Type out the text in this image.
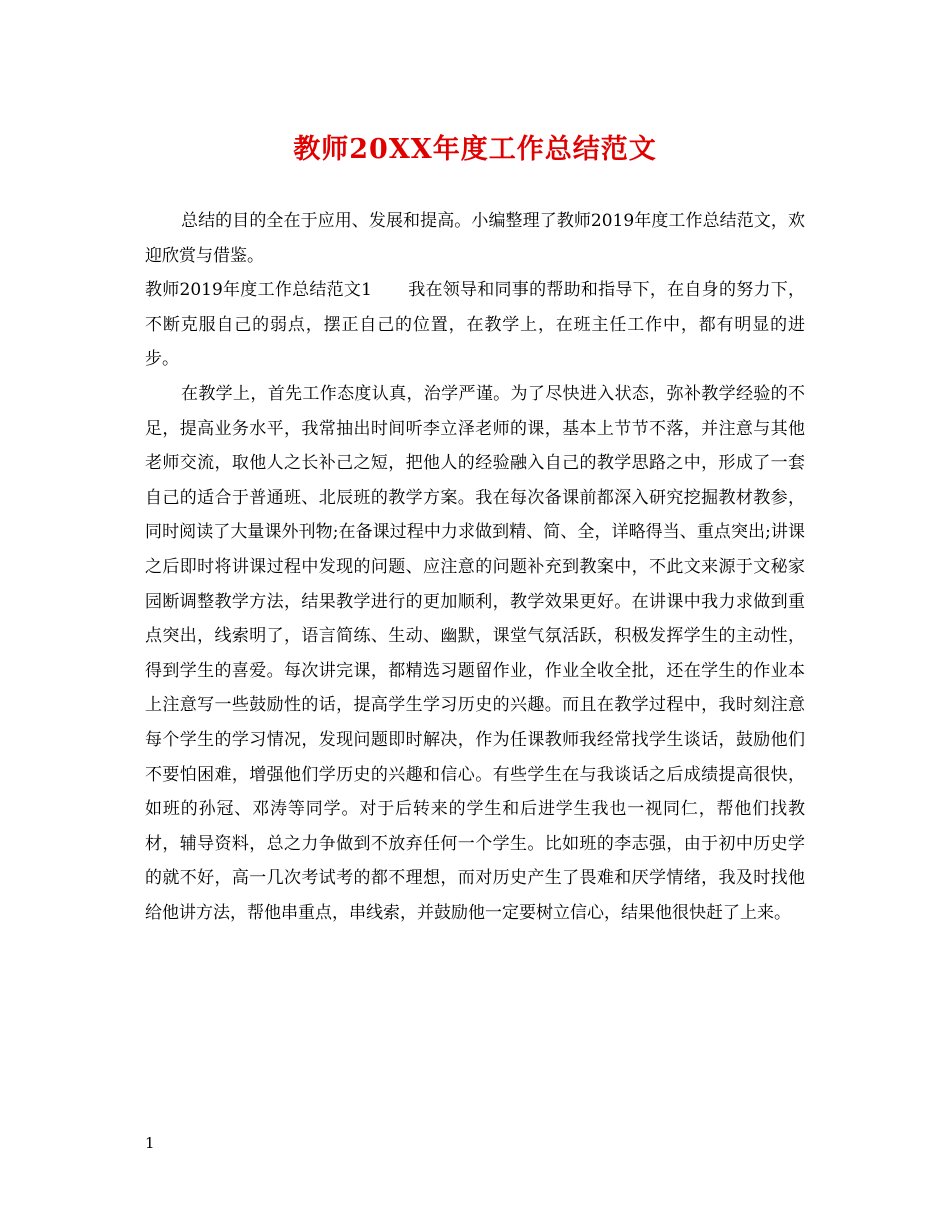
教师20XX年度工作总结范文

总结的目的全在于应用、发展和提高。小编整理了教师2019年度工作总结范文，欢迎欣赏与借鉴。

教师2019年度工作总结范文1 我在领导和同事的帮助和指导下，在自身的努力下，不断克服自己的弱点，摆正自己的位置，在教学上，在班主任工作中，都有明显的进步。

在教学上，首先工作态度认真，治学严谨。为了尽快进入状态，弥补教学经验的不足，提高业务水平，我常抽出时间听李立泽老师的课，基本上节节不落，并注意与其他老师交流，取他人之长补己之短，把他人的经验融入自己的教学思路之中，形成了一套自己的适合于普通班、北辰班的教学方案。我在每次备课前都深入研究挖掘教材教参，同时阅读了大量课外刊物;在备课过程中力求做到精、简、全，详略得当、重点突出;讲课之后即时将讲课过程中发现的问题、应注意的问题补充到教案中，不此文来源于文秘家园断调整教学方法，结果教学进行的更加顺利，教学效果更好。在讲课中我力求做到重点突出，线索明了，语言简练、生动、幽默，课堂气氛活跃，积极发挥学生的主动性，得到学生的喜爱。每次讲完课，都精选习题留作业，作业全收全批，还在学生的作业本上注意写一些鼓励性的话，提高学生学习历史的兴趣。而且在教学过程中，我时刻注意每个学生的学习情况，发现问题即时解决，作为任课教师我经常找学生谈话，鼓励他们不要怕困难，增强他们学历史的兴趣和信心。有些学生在与我谈话之后成绩提高很快，如班的孙冠、邓涛等同学。对于后转来的学生和后进学生我也一视同仁，帮他们找教材，辅导资料，总之力争做到不放弃任何一个学生。比如班的李志强，由于初中历史学的就不好，高一几次考试考的都不理想，而对历史产生了畏难和厌学情绪，我及时找他给他讲方法，帮他串重点，串线索，并鼓励他一定要树立信心，结果他很快赶了上来。

1
